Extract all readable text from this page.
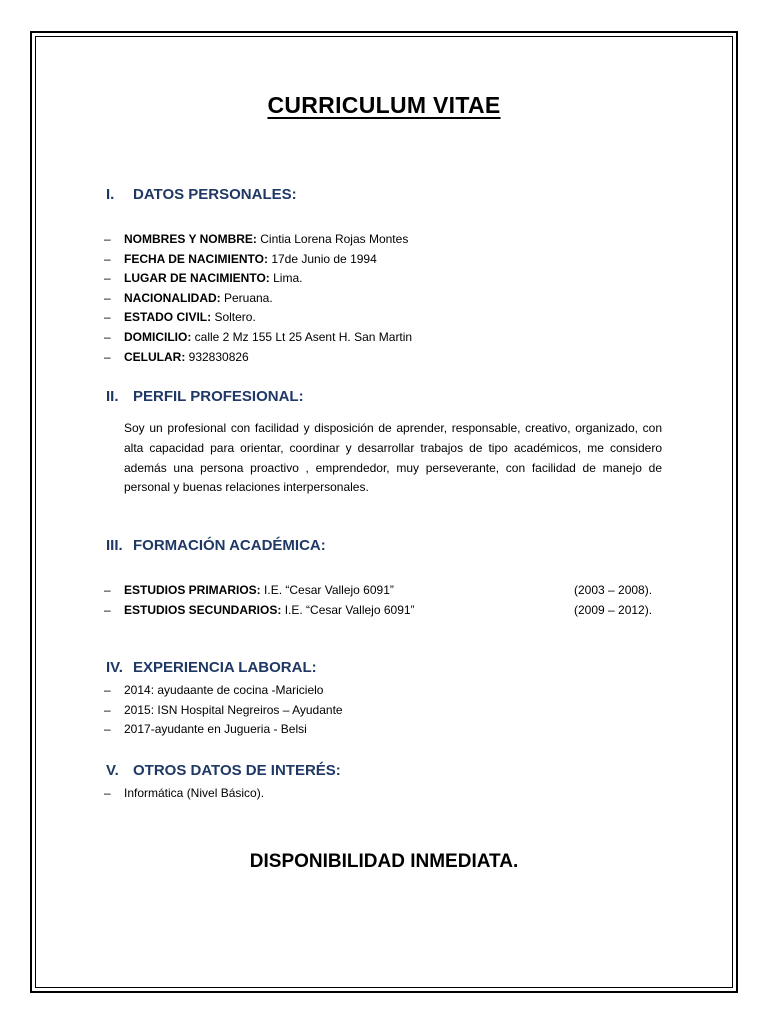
CURRICULUM VITAE
I. DATOS PERSONALES:
– NOMBRES Y NOMBRE: Cintia Lorena Rojas Montes
– FECHA DE NACIMIENTO: 17de Junio de 1994
– LUGAR DE NACIMIENTO: Lima.
– NACIONALIDAD: Peruana.
– ESTADO CIVIL: Soltero.
– DOMICILIO: calle 2 Mz 155 Lt 25 Asent H. San Martin
– CELULAR: 932830826
II. PERFIL PROFESIONAL:
Soy un profesional con facilidad y disposición de aprender, responsable, creativo, organizado, con alta capacidad para orientar, coordinar y desarrollar trabajos de tipo académicos, me considero además una persona proactivo , emprendedor, muy perseverante, con facilidad de manejo de personal y buenas relaciones interpersonales.
III. FORMACIÓN ACADÉMICA:
– ESTUDIOS PRIMARIOS: I.E. “Cesar Vallejo 6091”	(2003 – 2008).
– ESTUDIOS SECUNDARIOS: I.E. “Cesar Vallejo 6091”	(2009 – 2012).
IV. EXPERIENCIA LABORAL:
– 2014: ayudaante de cocina -Maricielo
– 2015: ISN Hospital Negreiros – Ayudante
– 2017-ayudante en Jugueria - Belsi
V. OTROS DATOS DE INTERÉS:
– Informática (Nivel Básico).
DISPONIBILIDAD INMEDIATA.
